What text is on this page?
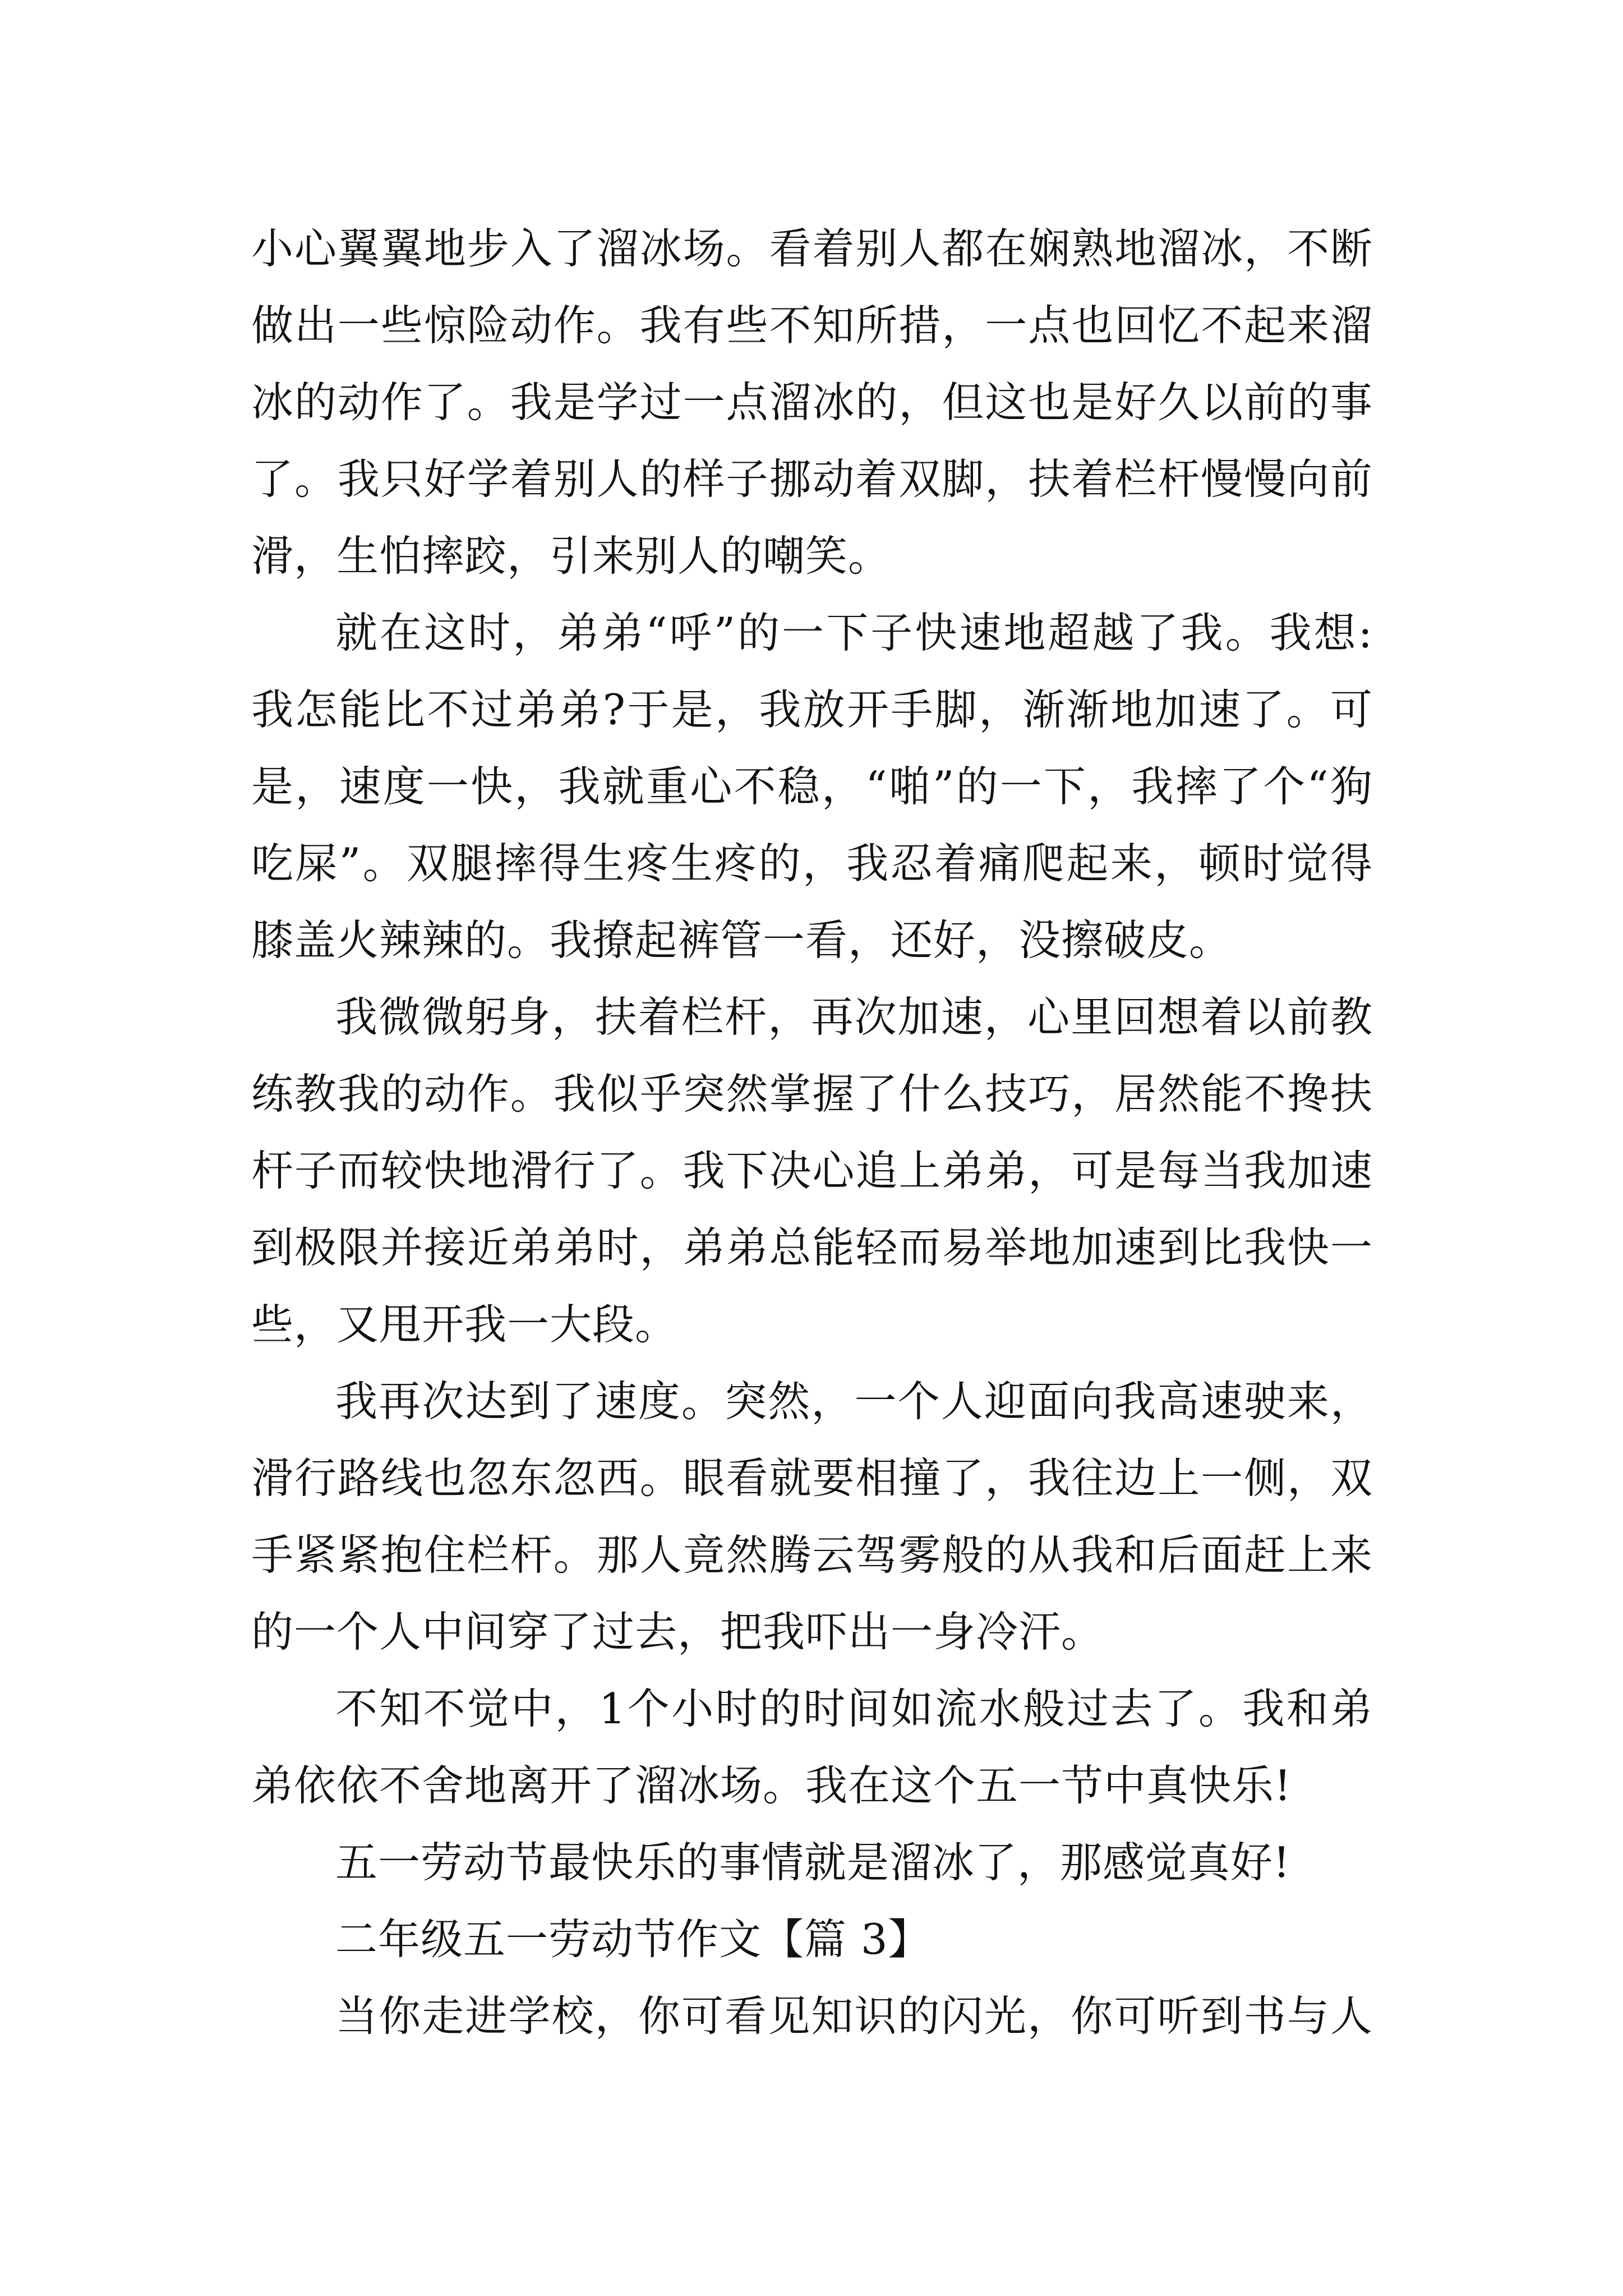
小心翼翼地步入了溜冰场。看着别人都在娴熟地溜冰，不断
做出一些惊险动作。我有些不知所措，一点也回忆不起来溜
冰的动作了。我是学过一点溜冰的，但这也是好久以前的事
了。我只好学着别人的样子挪动着双脚，扶着栏杆慢慢向前
滑，生怕摔跤，引来别人的嘲笑。
就在这时，弟弟“呼”的一下子快速地超越了我。我想:
我怎能比不过弟弟?于是，我放开手脚，渐渐地加速了。可
是，速度一快，我就重心不稳，“啪”的一下，我摔了个“狗
吃屎”。双腿摔得生疼生疼的，我忍着痛爬起来，顿时觉得
膝盖火辣辣的。我撩起裤管一看，还好，没擦破皮。
我微微躬身，扶着栏杆，再次加速，心里回想着以前教
练教我的动作。我似乎突然掌握了什么技巧，居然能不搀扶
杆子而较快地滑行了。我下决心追上弟弟，可是每当我加速
到极限并接近弟弟时，弟弟总能轻而易举地加速到比我快一
些，又甩开我一大段。
我再次达到了速度。突然，一个人迎面向我高速驶来，
滑行路线也忽东忽西。眼看就要相撞了，我往边上一侧，双
手紧紧抱住栏杆。那人竟然腾云驾雾般的从我和后面赶上来
的一个人中间穿了过去，把我吓出一身冷汗。
不知不觉中，1个小时的时间如流水般过去了。我和弟
弟依依不舍地离开了溜冰场。我在这个五一节中真快乐!
五一劳动节最快乐的事情就是溜冰了，那感觉真好!
二年级五一劳动节作文【篇 3】
当你走进学校，你可看见知识的闪光，你可听到书与人
